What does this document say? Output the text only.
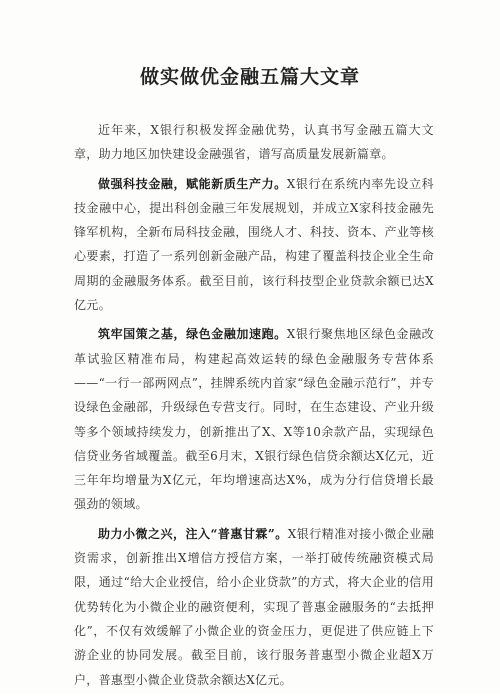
做实做优金融五篇大文章

近年来，X银行积极发挥金融优势，认真书写金融五篇大文章，助力地区加快建设金融强省，谱写高质量发展新篇章。

做强科技金融，赋能新质生产力。X银行在系统内率先设立科技金融中心，提出科创金融三年发展规划，并成立X家科技金融先锋军机构，全新布局科技金融，围绕人才、科技、资本、产业等核心要素，打造了一系列创新金融产品，构建了覆盖科技企业全生命周期的金融服务体系。截至目前，该行科技型企业贷款余额已达X亿元。

筑牢国策之基，绿色金融加速跑。X银行聚焦地区绿色金融改革试验区精准布局，构建起高效运转的绿色金融服务专营体系——“一行一部两网点”，挂牌系统内首家“绿色金融示范行”，并专设绿色金融部，升级绿色专营支行。同时，在生态建设、产业升级等多个领域持续发力，创新推出了X、X等10余款产品，实现绿色信贷业务省域覆盖。截至6月末，X银行绿色信贷余额达X亿元，近三年年均增量为X亿元，年均增速高达X%，成为分行信贷增长最强劲的领域。

助力小微之兴，注入“普惠甘霖”。X银行精准对接小微企业融资需求，创新推出X增信方授信方案，一举打破传统融资模式局限，通过“给大企业授信，给小企业贷款”的方式，将大企业的信用优势转化为小微企业的融资便利，实现了普惠金融服务的“去抵押化”，不仅有效缓解了小微企业的资金压力，更促进了供应链上下游企业的协同发展。截至目前，该行服务普惠型小微企业超X万户，普惠型小微企业贷款余额达X亿元。
